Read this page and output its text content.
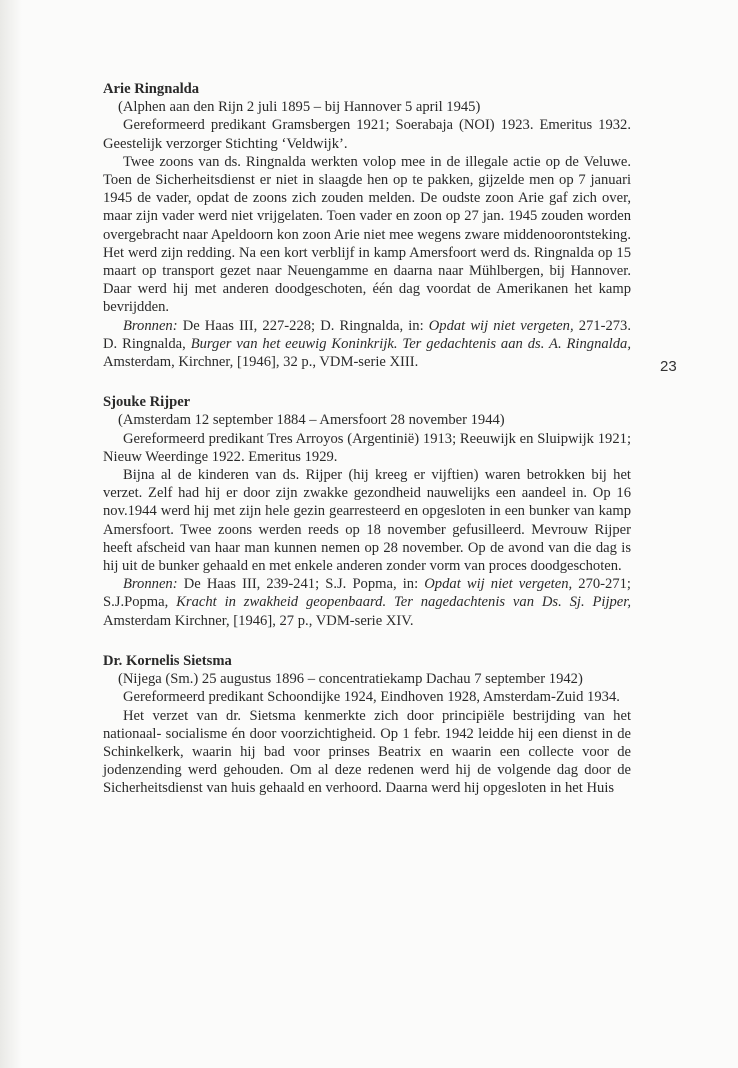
Arie Ringnalda

(Alphen aan den Rijn 2 juli 1895 – bij Hannover 5 april 1945)

Gereformeerd predikant Gramsbergen 1921; Soerabaja (NOI) 1923. Emeritus 1932. Geestelijk verzorger Stichting ‘Veldwijk’.

Twee zoons van ds. Ringnalda werkten volop mee in de illegale actie op de Veluwe. Toen de Sicherheitsdienst er niet in slaagde hen op te pakken, gijzelde men op 7 januari 1945 de vader, opdat de zoons zich zouden melden. De oudste zoon Arie gaf zich over, maar zijn vader werd niet vrijgelaten. Toen vader en zoon op 27 jan. 1945 zouden worden overgebracht naar Apeldoorn kon zoon Arie niet mee wegens zware middenoorontsteking. Het werd zijn redding. Na een kort verblijf in kamp Amersfoort werd ds. Ringnalda op 15 maart op transport gezet naar Neuengamme en daarna naar Mühlbergen, bij Hannover. Daar werd hij met anderen doodgeschoten, één dag voordat de Amerikanen het kamp bevrijdden.

Bronnen: De Haas III, 227-228; D. Ringnalda, in: Opdat wij niet vergeten, 271-273. D. Ringnalda, Burger van het eeuwig Koninkrijk. Ter gedachtenis aan ds. A. Ringnalda, Amsterdam, Kirchner, [1946], 32 p., VDM-serie XIII.

Sjouke Rijper

(Amsterdam 12 september 1884 – Amersfoort 28 november 1944)

Gereformeerd predikant Tres Arroyos (Argentinië) 1913; Reeuwijk en Sluipwijk 1921; Nieuw Weerdinge 1922. Emeritus 1929.

Bijna al de kinderen van ds. Rijper (hij kreeg er vijftien) waren betrokken bij het verzet. Zelf had hij er door zijn zwakke gezondheid nauwelijks een aandeel in. Op 16 nov.1944 werd hij met zijn hele gezin gearresteerd en opgesloten in een bunker van kamp Amersfoort. Twee zoons werden reeds op 18 november gefusilleerd. Mevrouw Rijper heeft afscheid van haar man kunnen nemen op 28 november. Op de avond van die dag is hij uit de bunker gehaald en met enkele anderen zonder vorm van proces doodgeschoten.

Bronnen: De Haas III, 239-241; S.J. Popma, in: Opdat wij niet vergeten, 270-271; S.J.Popma, Kracht in zwakheid geopenbaard. Ter nagedachtenis van Ds. Sj. Pijper, Amsterdam Kirchner, [1946], 27 p., VDM-serie XIV.

Dr. Kornelis Sietsma

(Nijega (Sm.) 25 augustus 1896 – concentratiekamp Dachau 7 september 1942)

Gereformeerd predikant Schoondijke 1924, Eindhoven 1928, Amsterdam-Zuid 1934.

Het verzet van dr. Sietsma kenmerkte zich door principiële bestrijding van het nationaal- socialisme én door voorzichtigheid. Op 1 febr. 1942 leidde hij een dienst in de Schinkelkerk, waarin hij bad voor prinses Beatrix en waarin een collecte voor de jodenzending werd gehouden. Om al deze redenen werd hij de volgende dag door de Sicherheitsdienst van huis gehaald en verhoord. Daarna werd hij opgesloten in het Huis

23
